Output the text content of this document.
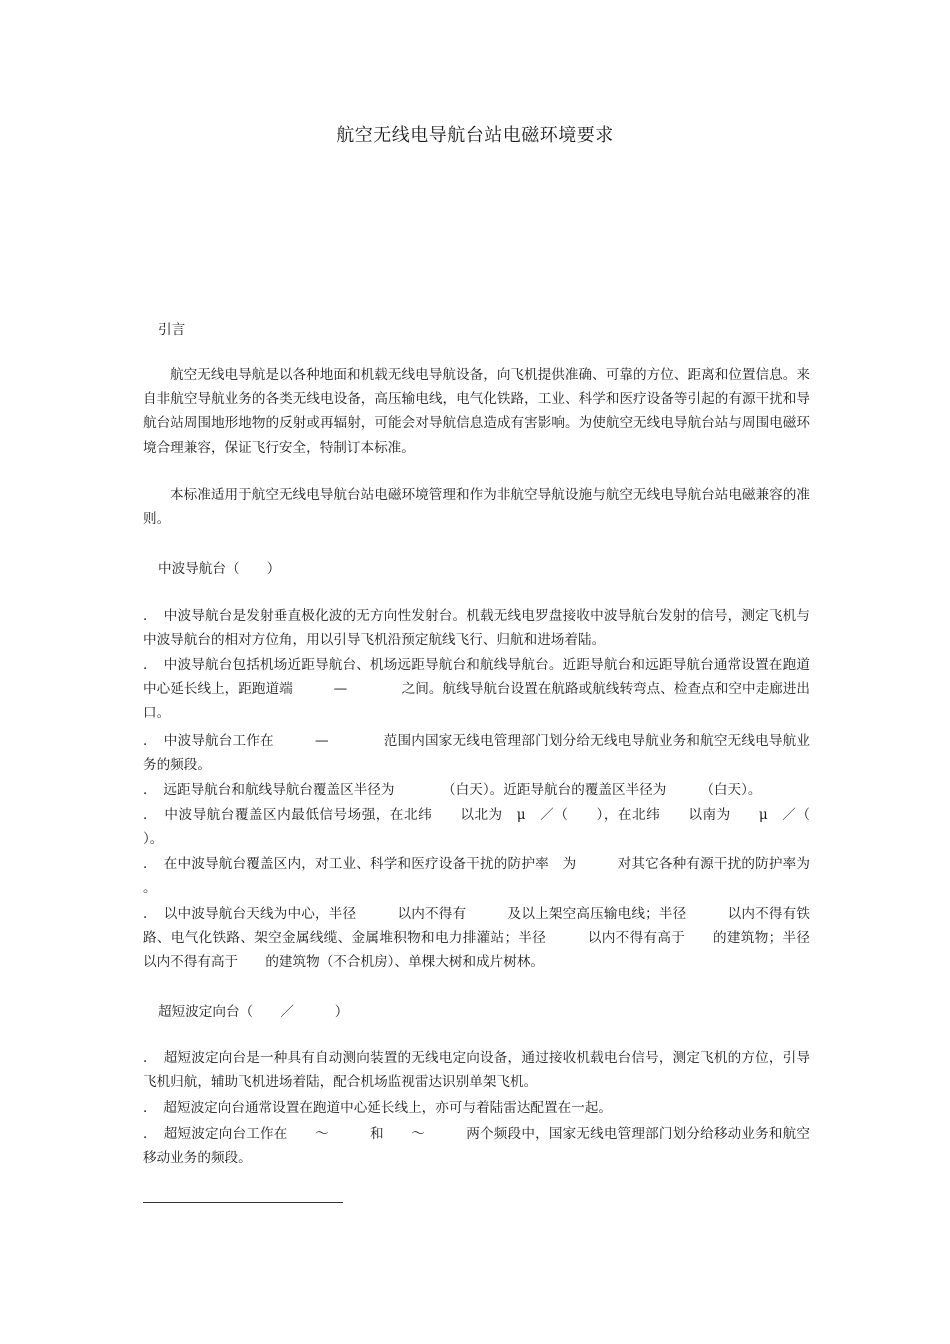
航空无线电导航台站电磁环境要求
引言
航空无线电导航是以各种地面和机载无线电导航设备，向飞机提供准确、可靠的方位、距离和位置信息。来自非航空导航业务的各类无线电设备，高压输电线，电气化铁路，工业、科学和医疗设备等引起的有源干扰和导航台站周围地形地物的反射或再辐射，可能会对导航信息造成有害影响。为使航空无线电导航台站与周围电磁环境合理兼容，保证飞行安全，特制订本标准。
本标准适用于航空无线电导航台站电磁环境管理和作为非航空导航设施与航空无线电导航台站电磁兼容的准则。
中波导航台（　　）
．　中波导航台是发射垂直极化波的无方向性发射台。机载无线电罗盘接收中波导航台发射的信号，测定飞机与中波导航台的相对方位角，用以引导飞机沿预定航线飞行、归航和进场着陆。
．　中波导航台包括机场近距导航台、机场远距导航台和航线导航台。近距导航台和远距导航台通常设置在跑道中心延长线上，距跑道端　　　—　　　　之间。航线导航台设置在航路或航线转弯点、检查点和空中走廊进出口。
．　中波导航台工作在　　　—　　　　范围内国家无线电管理部门划分给无线电导航业务和航空无线电导航业务的频段。
．　远距导航台和航线导航台覆盖区半径为　　　　（白天）。近距导航台的覆盖区半径为　　　（白天）。
．　中波导航台覆盖区内最低信号场强，在北纬　　以北为　μ　／（　　），在北纬　　以南为　　μ　／（　　）。
．　在中波导航台覆盖区内，对工业、科学和医疗设备干扰的防护率　为　　　对其它各种有源干扰的防护率为　　。
．　以中波导航台天线为中心，半径　　　以内不得有　　　及以上架空高压输电线；半径　　　以内不得有铁路、电气化铁路、架空金属线缆、金属堆积物和电力排灌站；半径　　　以内不得有高于　　的建筑物；半径　　　以内不得有高于　　的建筑物（不合机房）、单棵大树和成片树林。
超短波定向台（　　／　　　）
．　超短波定向台是一种具有自动测向装置的无线电定向设备，通过接收机载电台信号，测定飞机的方位，引导飞机归航，辅助飞机进场着陆，配合机场监视雷达识别单架飞机。
．　超短波定向台通常设置在跑道中心延长线上，亦可与着陆雷达配置在一起。
．　超短波定向台工作在　　～　　　和　　～　　　两个频段中，国家无线电管理部门划分给移动业务和航空移动业务的频段。
